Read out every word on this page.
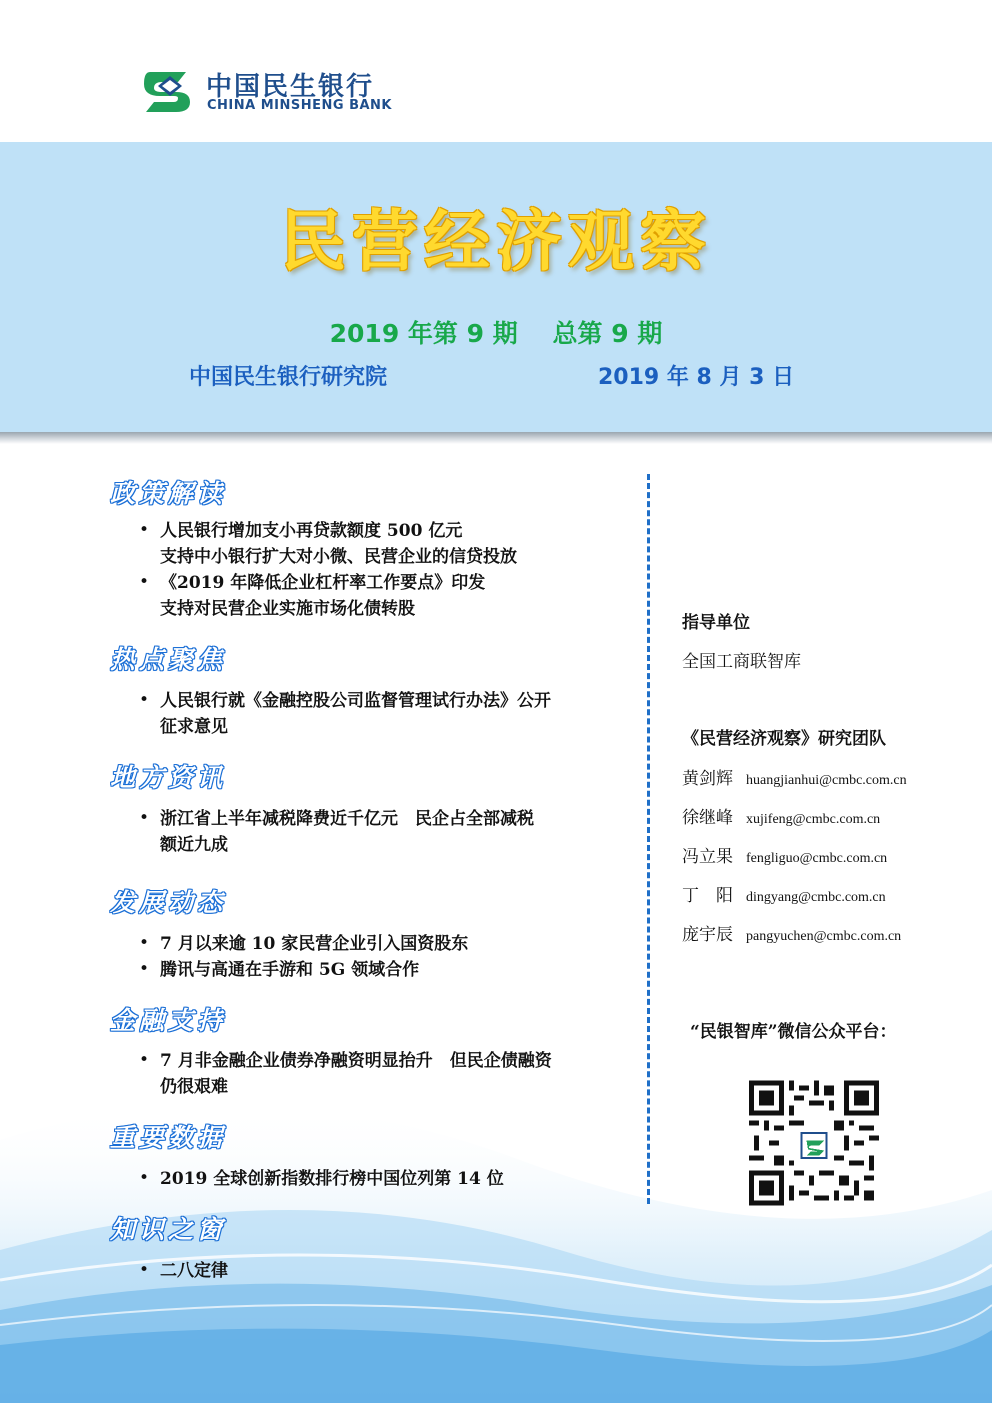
中国民生银行
CHINA MINSHENG BANK
民营经济观察
2019 年第 9 期    总第 9 期
中国民生银行研究院	2019 年 8 月 3 日
政策解读
• 人民银行增加支小再贷款额度 500 亿元
支持中小银行扩大对小微、民营企业的信贷投放
• 《2019 年降低企业杠杆率工作要点》印发
支持对民营企业实施市场化债转股
热点聚焦
• 人民银行就《金融控股公司监督管理试行办法》公开
征求意见
地方资讯
• 浙江省上半年减税降费近千亿元　民企占全部减税
额近九成
发展动态
• 7 月以来逾 10 家民营企业引入国资股东
• 腾讯与高通在手游和 5G 领域合作
金融支持
• 7 月非金融企业债券净融资明显抬升　但民企债融资
仍很艰难
重要数据
• 2019 全球创新指数排行榜中国位列第 14 位
知识之窗
• 二八定律
指导单位
全国工商联智库
《民营经济观察》研究团队
黄剑辉 huangjianhui@cmbc.com.cn
徐继峰 xujifeng@cmbc.com.cn
冯立果 fengliguo@cmbc.com.cn
丁　阳 dingyang@cmbc.com.cn
庞宇辰 pangyuchen@cmbc.com.cn
“民银智库”微信公众平台：
